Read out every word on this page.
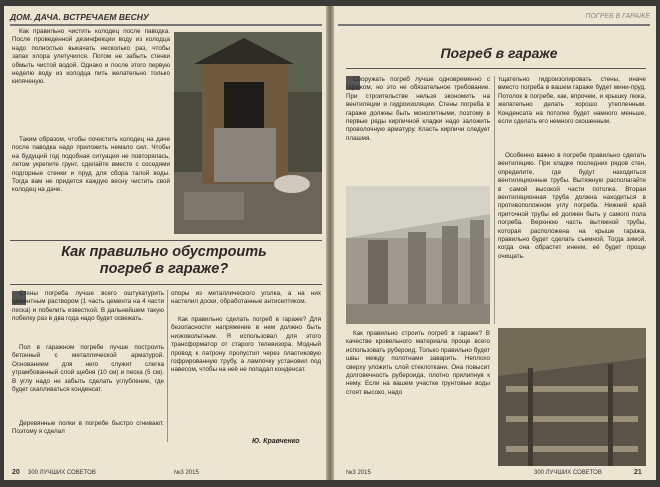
ДОМ. ДАЧА. ВСТРЕЧАЕМ ВЕСНУ

Как правильно чистить колодец после паводка. После проведенной дезинфекции воду из колодца надо полностью выкачать несколько раз, чтобы запах хлора улетучился. Потом не забыть стенки обмыть чистой водой. Однако и после этого первую неделю воду из колодца пить желательно только кипяченую.

Таким образом, чтобы почистить колодец на даче после паводка надо приложить немало сил. Чтобы на будущий год подобная ситуация не повторялась, летом укрепите грунт, сделайте вместе с соседями подгорные стенки и пруд для сбора талой воды. Тогда вам не придется каждую весну чистить свой колодец на даче.

Как правильно обустроить погреб в гараже?

Стены погреба лучше всего оштукатурить цементным раствором (1 часть цемента на 4 части песка) и побелить известкой. В дальнейшем такую побелку раз в два года надо будет освежать.

Пол в гаражном погребе лучше построить бетонный с металлической арматурой. Основанием для него служит слегка утрамбованный слой щебня (10 см) и песка (5 см). В углу надо не забыть сделать углубление, где будет скапливаться конденсат.

Деревянные полки в погребе быстро сгнивают. Поэтому я сделал

опоры из металлического уголка, а на них настелил доски, обработанные антисептиком.

Как правильно сделать погреб в гараже? Для безопасности напряжение в нем должно быть низковольтным. Я использовал для этого трансформатор от старого телевизора. Модный провод к патрону пропустил через пластиковую гофрированную трубу, а лампочку установил под навесом, чтобы на неё не попадал конденсат.

Ю. Кравченко
20 300 ЛУЧШИХ СОВЕТОВ	№3 2015
ПОГРЕБ В ГАРАЖЕ
Погреб в гараже

Сооружать погреб лучше одновременно с гаражом, но это не обязательное требование. При строительстве нельзя экономить на вентиляции и гидроизоляции. Стены погреба в гараже должны быть монолитными, поэтому в первые ряды кирпичной кладки надо заложить проволочную арматуру. Класть кирпичи следует плашмя.

Как правильно строить погреб в гараже? В качестве кровельного материала проще всего использовать рубероид. Только правильно будет швы между полотнами заварить. Неплохо сверху уложить слой стеклоткани. Она повысит долговечность рубероида, плотно прилипнув к нему. Если на вашем участке грунтовые воды стоят высоко, надо

тщательно гидроизолировать стены, иначе вместо погреба в вашем гараже будет мини-пруд. Потолок в погребе, как, впрочем, и крышку люка, желательно делать хорошо утепленным. Конденсата на потолке будет намного меньше, если сделать его немного скошенным.

Особенно важно в погребе правильно сделать вентиляцию. При кладке последних рядов стен, определите, где будут находиться вентиляционные трубы. Вытяжную располагайте в самой высокой части потолка. Вторая вентиляционная труба должна находиться в противоположном углу погреба. Нижний край приточной трубы её должен быть у самого пола погреба. Верхнюю часть вытяжной трубы, которая расположена на крыше гаража, правильно будет сделать съемной. Тогда зимой, когда она обрастет инеем, её будет проще очищать.

№3 2015	300 ЛУЧШИХ СОВЕТОВ	21
